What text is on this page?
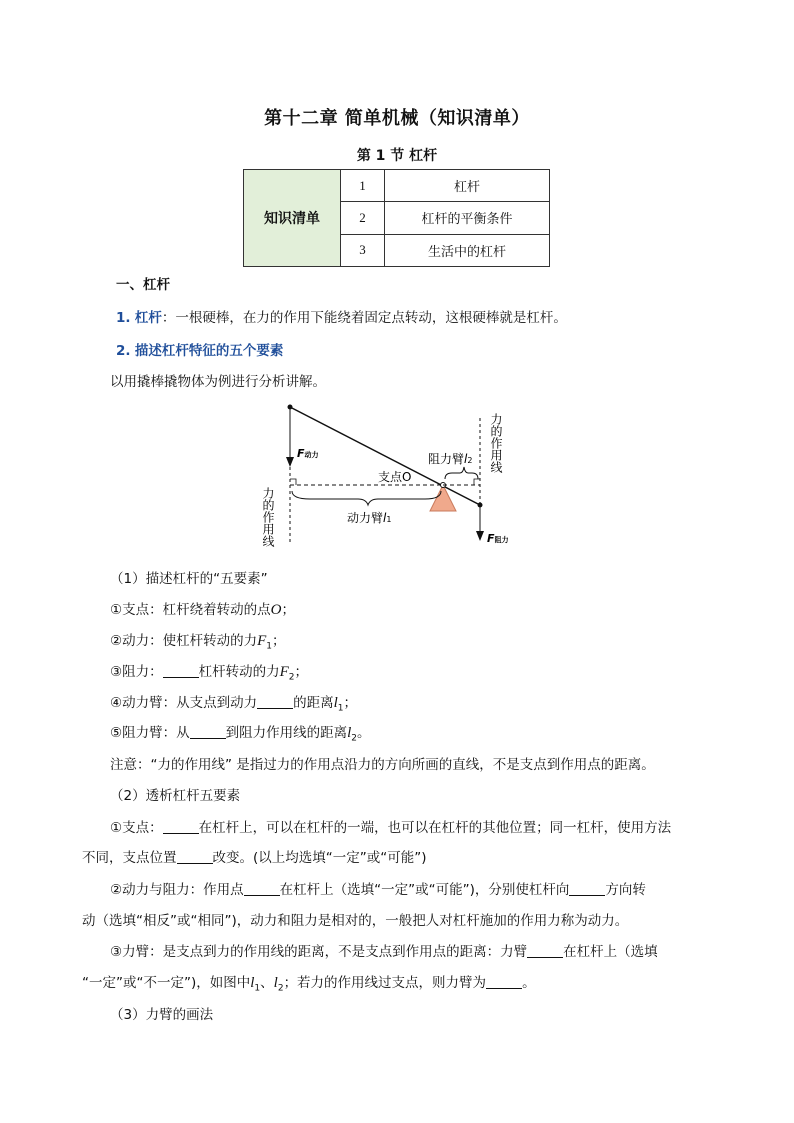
第十二章 简单机械（知识清单）
第 1 节 杠杆
知识清单	1	杠杆
	2	杠杆的平衡条件
	3	生活中的杠杆
一、杠杆
1. 杠杆：一根硬棒，在力的作用下能绕着固定点转动，这根硬棒就是杠杆。
2. 描述杠杆特征的五个要素
以用撬棒撬物体为例进行分析讲解。
F动力
F阻力
支点O
动力臂l1
阻力臂l2
力的作用线
力的作用线
（1）描述杠杆的“五要素”
①支点：杠杆绕着转动的点O；
②动力：使杠杆转动的力$F_1$；
③阻力：	杠杆转动的力$F_2$；
④动力臂：从支点到动力	的距离$l_1$；
⑤阻力臂：从	到阻力作用线的距离$l_2$。
注意：“力的作用线” 是指过力的作用点沿力的方向所画的直线，不是支点到作用点的距离。
（2）透析杠杆五要素
①支点：	在杠杆上，可以在杠杆的一端，也可以在杠杆的其他位置；同一杠杆，使用方法
不同，支点位置	改变。(以上均选填“一定”或“可能”)
②动力与阻力：作用点	在杠杆上（选填“一定”或“可能”)，分别使杠杆向	方向转
动（选填“相反”或“相同”)，动力和阻力是相对的，一般把人对杠杆施加的作用力称为动力。
③力臂：是支点到力的作用线的距离，不是支点到作用点的距离：力臂	在杠杆上（选填
“一定”或“不一定”)，如图中$l_1$、$l_2$；若力的作用线过支点，则力臂为	。
（3）力臂的画法
